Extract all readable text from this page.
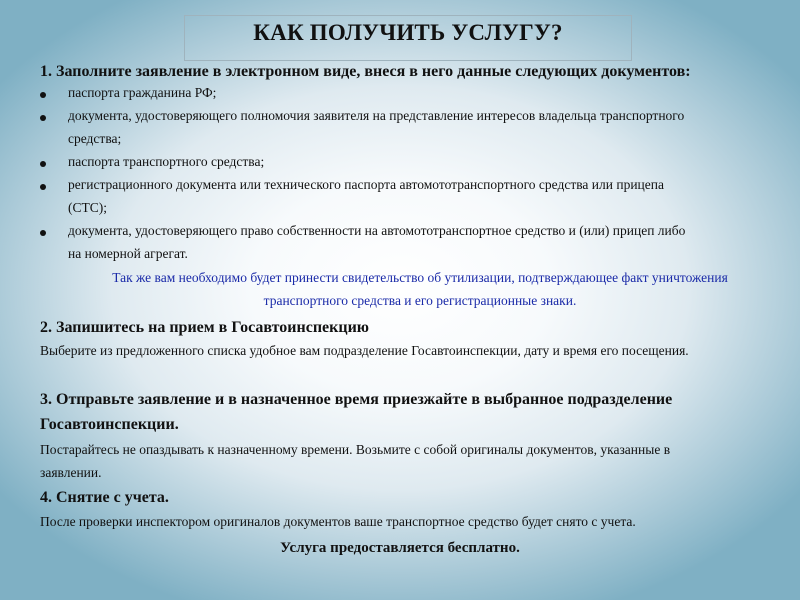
КАК ПОЛУЧИТЬ УСЛУГУ?
1. Заполните заявление в электронном виде, внеся в него данные следующих документов:
паспорта гражданина РФ;
документа, удостоверяющего полномочия заявителя на представление интересов владельца транспортного
средства;
паспорта транспортного средства;
регистрационного документа или технического паспорта автомототранспортного средства или прицепа
(СТС);
документа, удостоверяющего право собственности на автомототранспортное средство и (или) прицеп либо
на номерной агрегат.
Так же вам необходимо будет принести свидетельство об утилизации, подтверждающее факт уничтожения
транспортного средства и его регистрационные знаки.
2. Запишитесь на прием в Госавтоинспекцию
Выберите из предложенного списка удобное вам подразделение Госавтоинспекции, дату и время его посещения.
3. Отправьте заявление и в назначенное время приезжайте в выбранное подразделение
Госавтоинспекции.
Постарайтесь не опаздывать к назначенному времени. Возьмите с собой оригиналы документов, указанные в
заявлении.
4. Снятие с учета.
После проверки инспектором оригиналов документов ваше транспортное средство будет снято с учета.
Услуга предоставляется бесплатно.
